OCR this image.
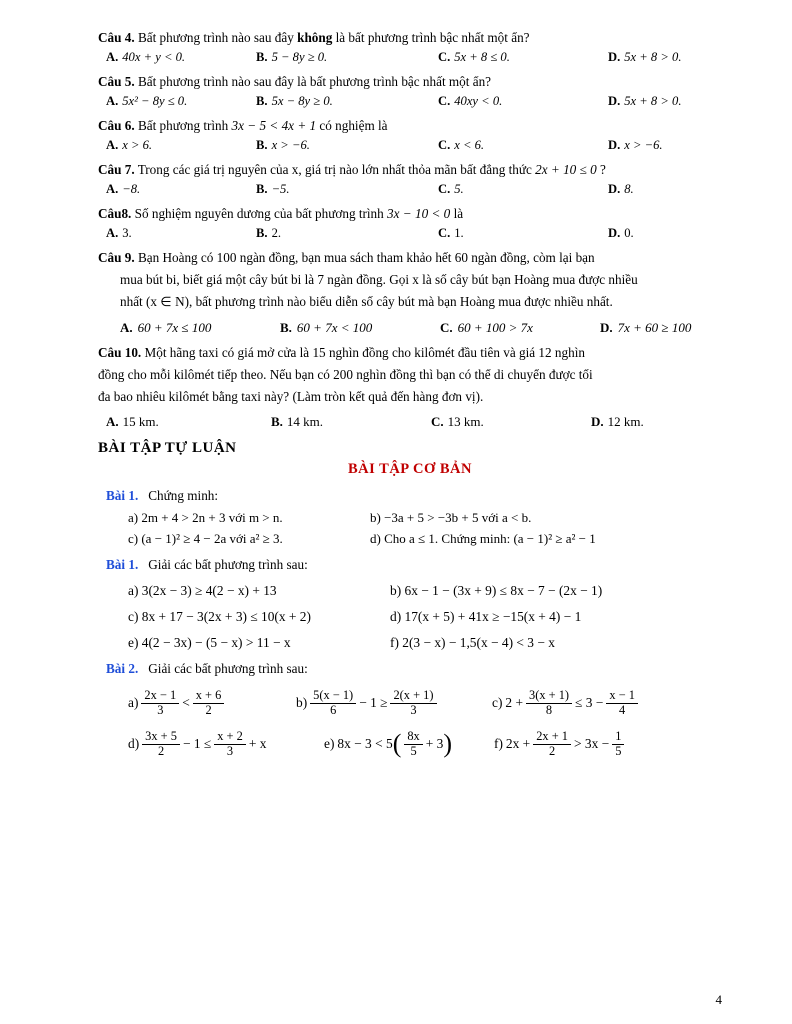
Câu 4. Bất phương trình nào sau đây không là bất phương trình bậc nhất một ẩn?

A. 40x + y < 0.	B. 5 − 8y ≥ 0.	C. 5x + 8 ≤ 0.	D. 5x + 8 > 0.

Câu 5. Bất phương trình nào sau đây là bất phương trình bậc nhất một ẩn?

A. 5x² − 8y ≤ 0.	B. 5x − 8y ≥ 0.	C. 40xy < 0.	D. 5x + 8 > 0.

Câu 6. Bất phương trình 3x − 5 < 4x + 1 có nghiệm là

A. x > 6.	B. x > −6.	C. x < 6.	D. x > −6.

Câu 7. Trong các giá trị nguyên của x, giá trị nào lớn nhất thỏa mãn bất đẳng thức 2x + 10 ≤ 0 ?

A. −8.	B. −5.	C. 5.	D. 8.

Câu8. Số nghiệm nguyên dương của bất phương trình 3x − 10 < 0 là

A. 3.	B. 2.	C. 1.	D. 0.

Câu 9. Bạn Hoàng có 100 ngàn đồng, bạn mua sách tham khảo hết 60 ngàn đồng, còm lại bạn

mua bút bi, biết giá một cây bút bi là 7 ngàn đồng. Gọi x là số cây bút bạn Hoàng mua được nhiều

nhất (x ∈ N), bất phương trình nào biểu diễn số cây bút mà bạn Hoàng mua được nhiều nhất.

A. 60 + 7x ≤ 100	B. 60 + 7x < 100	C. 60 + 100 > 7x	D. 7x + 60 ≥ 100

Câu 10. Một hãng taxi có giá mở cửa là 15 nghìn đồng cho kilômét đầu tiên và giá 12 nghìn

đồng cho mỗi kilômét tiếp theo. Nếu bạn có 200 nghìn đồng thì bạn có thể di chuyển được tối

đa bao nhiêu kilômét bằng taxi này? (Làm tròn kết quả đến hàng đơn vị).

A. 15 km.	B. 14 km.	C. 13 km.	D. 12 km.
BÀI TẬP TỰ LUẬN
BÀI TẬP CƠ BẢN

Bài 1. Chứng minh:

a) 2m + 4 > 2n + 3 với m > n.	b) −3a + 5 > −3b + 5 với a < b.
c) (a − 1)² ≥ 4 − 2a với a² ≥ 3.	d) Cho a ≤ 1. Chứng minh: (a − 1)² ≥ a² − 1

Bài 1. Giải các bất phương trình sau:

a) 3(2x − 3) ≥ 4(2 − x) + 13	b) 6x − 1 − (3x + 9) ≤ 8x − 7 − (2x − 1)
c) 8x + 17 − 3(2x + 3) ≤ 10(x + 2)	d) 17(x + 5) + 41x ≥ −15(x + 4) − 1
e) 4(2 − 3x) − (5 − x) > 11 − x	f) 2(3 − x) − 1,5(x − 4) < 3 − x

Bài 2. Giải các bất phương trình sau:

$a) \frac{2x - 1}{3} < \frac{x + 6}{2}$	$b) \frac{5(x - 1)}{6} - 1 \ge \frac{2(x + 1)}{3}$	c) $2 + \frac{3(x + 1)}{8} \le 3 - \frac{x - 1}{4}$
$d) \frac{3x + 5}{2} - 1 \le \frac{x + 2}{3} + x$	e) 8x − 3 < 5 ( $\frac{8x}{5} + 3$ )	f) $2x + \frac{2x + 1}{2} > 3x - \frac{1}{5}$
4
